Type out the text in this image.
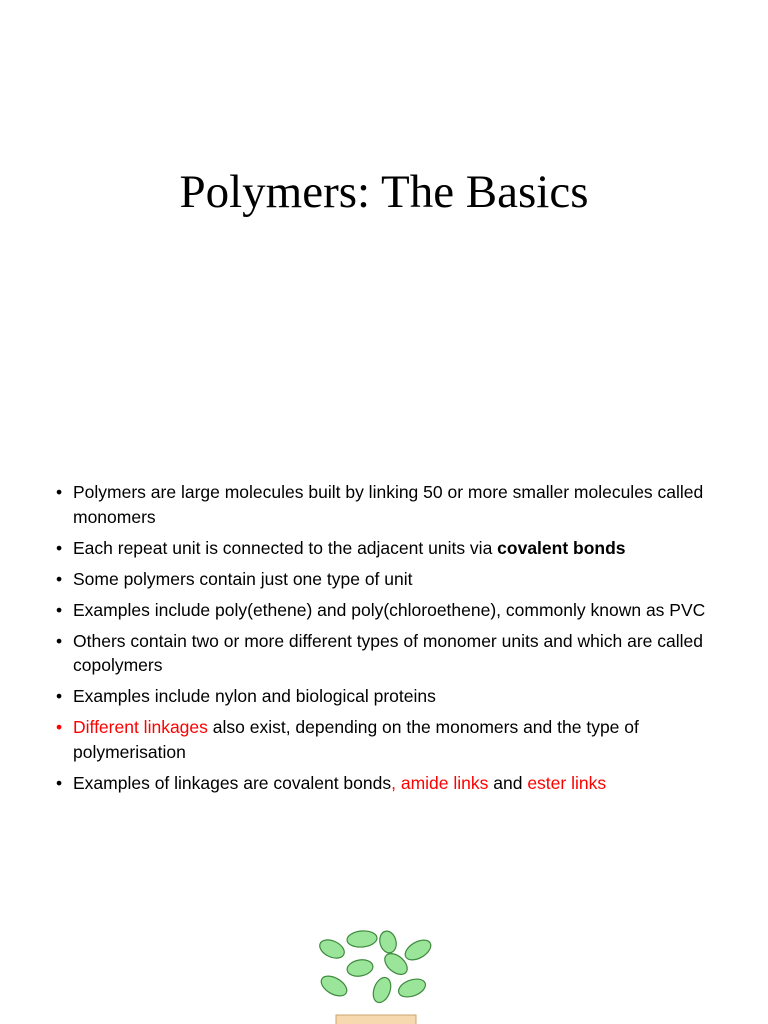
Polymers: The Basics
• Polymers are large molecules built by linking 50 or more smaller molecules called monomers
• Each repeat unit is connected to the adjacent units via covalent bonds
• Some polymers contain just one type of unit
• Examples include poly(ethene) and poly(chloroethene), commonly known as PVC
• Others contain two or more different types of monomer units and which are called copolymers
• Examples include nylon and biological proteins
• Different linkages also exist, depending on the monomers and the type of polymerisation
• Examples of linkages are covalent bonds, amide links and ester links
